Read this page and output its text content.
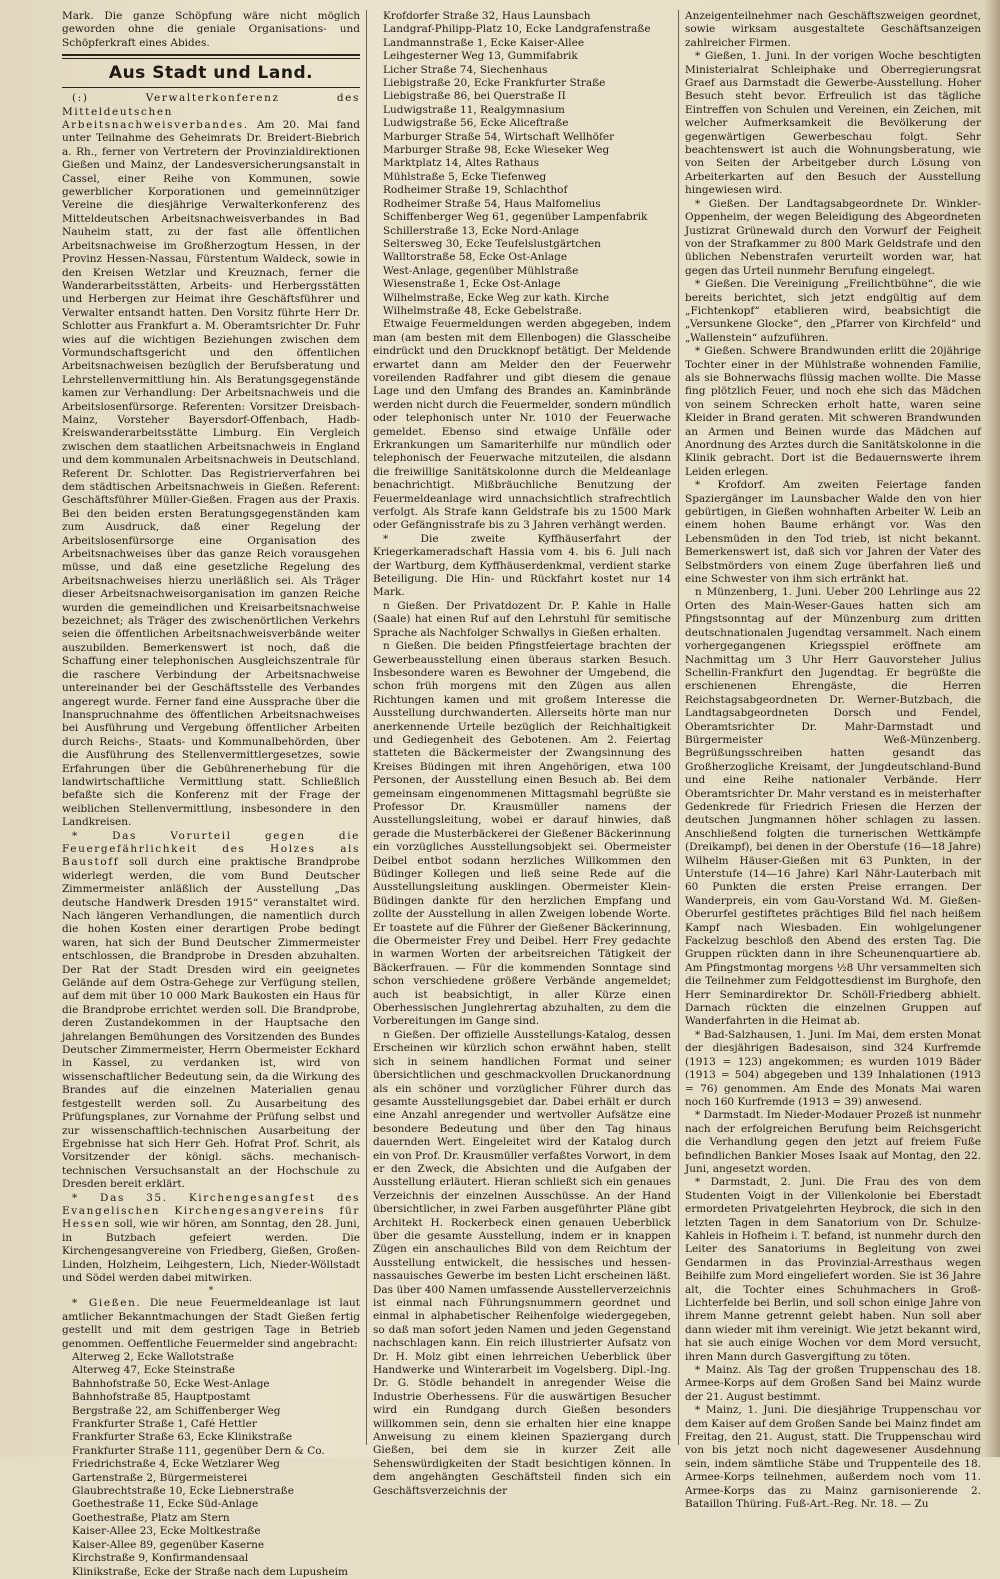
Mark. Die ganze Schöpfung wäre nicht möglich geworden ohne die geniale Organisations- und Schöpferkraft eines Abides.

Aus Stadt und Land.

(:) Verwalterkonferenz des Mitteldeutschen Arbeitsnachweisverbandes. Am 20. Mai fand unter Teilnahme des Geheimrats Dr. Breidert-Biebrich a. Rh., ferner von Vertretern der Provinzialdirektionen Gießen und Mainz, der Landesversicherungsanstalt in Cassel, einer Reihe von Kommunen, sowie gewerblicher Korporationen und gemeinnütziger Vereine die diesjährige Verwalterkonferenz des Mitteldeutschen Arbeitsnachweisverbandes in Bad Nauheim statt, zu der fast alle öffentlichen Arbeitsnachweise im Großherzogtum Hessen, in der Provinz Hessen-Nassau, Fürstentum Waldeck, sowie in den Kreisen Wetzlar und Kreuznach, ferner die Wanderarbeitsstätten, Arbeits- und Herbergsstätten und Herbergen zur Heimat ihre Geschäftsführer und Verwalter entsandt hatten. Den Vorsitz führte Herr Dr. Schlotter aus Frankfurt a. M. Oberamtsrichter Dr. Fuhr wies auf die wichtigen Beziehungen zwischen dem Vormundschaftsgericht und den öffentlichen Arbeitsnachweisen bezüglich der Berufsberatung und Lehrstellenvermittlung hin. Als Beratungsgegenstände kamen zur Verhandlung: Der Arbeitsnachweis und die Arbeitslosenfürsorge. Referenten: Vorsitzer Dreisbach-Mainz, Vorsteher Bayersdorf-Offenbach, Hadb-Kreiswanderarbeitsstätte Limburg. Ein Vergleich zwischen dem staatlichen Arbeitsnachweis in England und dem kommunalen Arbeitsnachweis in Deutschland. Referent Dr. Schlotter. Das Registrierverfahren bei dem städtischen Arbeitsnachweis in Gießen. Referent: Geschäftsführer Müller-Gießen. Fragen aus der Praxis. Bei den beiden ersten Beratungsgegenständen kam zum Ausdruck, daß einer Regelung der Arbeitslosenfürsorge eine Organisation des Arbeitsnachweises über das ganze Reich vorausgehen müsse, und daß eine gesetzliche Regelung des Arbeitsnachweises hierzu unerläßlich sei. Als Träger dieser Arbeitsnachweisorganisation im ganzen Reiche wurden die gemeindlichen und Kreisarbeitsnachweise bezeichnet; als Träger des zwischenörtlichen Verkehrs seien die öffentlichen Arbeitsnachweisverbände weiter auszubilden. Bemerkenswert ist noch, daß die Schaffung einer telephonischen Ausgleichszentrale für die raschere Verbindung der Arbeitsnachweise untereinander bei der Geschäftsstelle des Verbandes angeregt wurde. Ferner fand eine Aussprache über die Inanspruchnahme des öffentlichen Arbeitsnachweises bei Ausführung und Vergebung öffentlicher Arbeiten durch Reichs-, Staats- und Kommunalbehörden, über die Ausführung des Stellenvermittlergesetzes, sowie Erfahrungen über die Gebührenerhebung für die landwirtschaftliche Vermittlung statt. Schließlich befaßte sich die Konferenz mit der Frage der weiblichen Stellenvermittlung, insbesondere in den Landkreisen.

* Das Vorurteil gegen die Feuergefährlichkeit des Holzes als Baustoff soll durch eine praktische Brandprobe widerlegt werden, die vom Bund Deutscher Zimmermeister anläßlich der Ausstellung „Das deutsche Handwerk Dresden 1915“ veranstaltet wird. Nach längeren Verhandlungen, die namentlich durch die hohen Kosten einer derartigen Probe bedingt waren, hat sich der Bund Deutscher Zimmermeister entschlossen, die Brandprobe in Dresden abzuhalten. Der Rat der Stadt Dresden wird ein geeignetes Gelände auf dem Ostra-Gehege zur Verfügung stellen, auf dem mit über 10 000 Mark Baukosten ein Haus für die Brandprobe errichtet werden soll. Die Brandprobe, deren Zustandekommen in der Hauptsache den jahrelangen Bemühungen des Vorsitzenden des Bundes Deutscher Zimmermeister, Herrn Obermeister Eckhard in Kassel, zu verdanken ist, wird von wissenschaftlicher Bedeutung sein, da die Wirkung des Brandes auf die einzelnen Materialien genau festgestellt werden soll. Zu Ausarbeitung des Prüfungsplanes, zur Vornahme der Prüfung selbst und zur wissenschaftlich-technischen Ausarbeitung der Ergebnisse hat sich Herr Geh. Hofrat Prof. Schrit, als Vorsitzender der königl. sächs. mechanisch-technischen Versuchsanstalt an der Hochschule zu Dresden bereit erklärt.

* Das 35. Kirchengesangfest des Evangelischen Kirchengesangvereins für Hessen soll, wie wir hören, am Sonntag, den 28. Juni, in Butzbach gefeiert werden. Die Kirchengesangvereine von Friedberg, Gießen, Großen-Linden, Holzheim, Leihgestern, Lich, Nieder-Wöllstadt und Södel werden dabei mitwirken.

*

* Gießen. Die neue Feuermeldeanlage ist laut amtlicher Bekanntmachungen der Stadt Gießen fertig gestellt und mit dem gestrigen Tage in Betrieb genommen. Oeffentliche Feuermelder sind angebracht:

Alterweg 2, Ecke Wallotstraße
Alterweg 47, Ecke Steinstraße
Bahnhofstraße 50, Ecke West-Anlage
Bahnhofstraße 85, Hauptpostamt
Bergstraße 22, am Schiffenberger Weg
Frankfurter Straße 1, Café Hettler
Frankfurter Straße 63, Ecke Klinikstraße
Frankfurter Straße 111, gegenüber Dern & Co.
Friedrichstraße 4, Ecke Wetzlarer Weg
Gartenstraße 2, Bürgermeisterei
Glaubrechtstraße 10, Ecke Liebnerstraße
Goethestraße 11, Ecke Süd-Anlage
Goethestraße, Platz am Stern
Kaiser-Allee 23, Ecke Moltkestraße
Kaiser-Allee 89, gegenüber Kaserne
Kirchstraße 9, Konfirmandensaal
Klinikstraße, Ecke der Straße nach dem Lupusheim
Krofdorfer Straße 32, Haus Launsbach
Landgraf-Philipp-Platz 10, Ecke Landgrafenstraße
Landmannstraße 1, Ecke Kaiser-Allee
Leihgesterner Weg 13, Gummifabrik
Licher Straße 74, Siechenhaus
Liebigstraße 20, Ecke Frankfurter Straße
Liebigstraße 86, bei Querstraße II
Ludwigstraße 11, Realgymnasium
Ludwigstraße 56, Ecke Aliceftraße
Marburger Straße 54, Wirtschaft Wellhöfer
Marburger Straße 98, Ecke Wieseker Weg
Marktplatz 14, Altes Rathaus
Mühlstraße 5, Ecke Tiefenweg
Rodheimer Straße 19, Schlachthof
Rodheimer Straße 54, Haus Malfomelius
Schiffenberger Weg 61, gegenüber Lampenfabrik
Schillerstraße 13, Ecke Nord-Anlage
Seltersweg 30, Ecke Teufelslustgärtchen
Walltorstraße 58, Ecke Ost-Anlage
West-Anlage, gegenüber Mühlstraße
Wiesenstraße 1, Ecke Ost-Anlage
Wilhelmstraße, Ecke Weg zur kath. Kirche
Wilhelmstraße 48, Ecke Gebelstraße.

Etwaige Feuermeldungen werden abgegeben, indem man (am besten mit dem Ellenbogen) die Glasscheibe eindrückt und den Druckknopf betätigt. Der Meldende erwartet dann am Melder den der Feuerwehr voreilenden Radfahrer und gibt diesem die genaue Lage und den Umfang des Brandes an. Kaminbrände werden nicht durch die Feuermelder, sondern mündlich oder telephonisch unter Nr. 1010 der Feuerwache gemeldet. Ebenso sind etwaige Unfälle oder Erkrankungen um Samariterhilfe nur mündlich oder telephonisch der Feuerwache mitzuteilen, die alsdann die freiwillige Sanitätskolonne durch die Meldeanlage benachrichtigt. Mißbräuchliche Benutzung der Feuermeldeanlage wird unnachsichtlich strafrechtlich verfolgt. Als Strafe kann Geldstrafe bis zu 1500 Mark oder Gefängnisstrafe bis zu 3 Jahren verhängt werden.

* Die zweite Kyffhäuserfahrt der Kriegerkameradschaft Hassia vom 4. bis 6. Juli nach der Wartburg, dem Kyffhäuserdenkmal, verdient starke Beteiligung. Die Hin- und Rückfahrt kostet nur 14 Mark.

n Gießen. Der Privatdozent Dr. P. Kahle in Halle (Saale) hat einen Ruf auf den Lehrstuhl für semitische Sprache als Nachfolger Schwallys in Gießen erhalten.

n Gießen. Die beiden Pfingstfeiertage brachten der Gewerbeausstellung einen überaus starken Besuch. Insbesondere waren es Bewohner der Umgebend, die schon früh morgens mit den Zügen aus allen Richtungen kamen und mit großem Interesse die Ausstellung durchwanderten. Allerseits hörte man nur anerkennende Urteile bezüglich der Reichhaltigkeit und Gediegenheit des Gebotenen. Am 2. Feiertag statteten die Bäckermeister der Zwangsinnung des Kreises Büdingen mit ihren Angehörigen, etwa 100 Personen, der Ausstellung einen Besuch ab. Bei dem gemeinsam eingenommenen Mittagsmahl begrüßte sie Professor Dr. Krausmüller namens der Ausstellungsleitung, wobei er darauf hinwies, daß gerade die Musterbäckerei der Gießener Bäckerinnung ein vorzügliches Ausstellungsobjekt sei. Obermeister Deibel entbot sodann herzliches Willkommen den Büdinger Kollegen und ließ seine Rede auf die Ausstellungsleitung ausklingen. Obermeister Klein-Büdingen dankte für den herzlichen Empfang und zollte der Ausstellung in allen Zweigen lobende Worte. Er toastete auf die Führer der Gießener Bäckerinnung, die Obermeister Frey und Deibel. Herr Frey gedachte in warmen Worten der arbeitsreichen Tätigkeit der Bäckerfrauen. — Für die kommenden Sonntage sind schon verschiedene größere Verbände angemeldet; auch ist beabsichtigt, in aller Kürze einen Oberhessischen Junglehrertag abzuhalten, zu dem die Vorbereitungen im Gange sind.

n Gießen. Der offizielle Ausstellungs-Katalog, dessen Erscheinen wir kürzlich schon erwähnt haben, stellt sich in seinem handlichen Format und seiner übersichtlichen und geschmackvollen Druckanordnung als ein schöner und vorzüglicher Führer durch das gesamte Ausstellungsgebiet dar. Dabei erhält er durch eine Anzahl anregender und wertvoller Aufsätze eine besondere Bedeutung und über den Tag hinaus dauernden Wert. Eingeleitet wird der Katalog durch ein von Prof. Dr. Krausmüller verfaßtes Vorwort, in dem er den Zweck, die Absichten und die Aufgaben der Ausstellung erläutert. Hieran schließt sich ein genaues Verzeichnis der einzelnen Ausschüsse. An der Hand übersichtlicher, in zwei Farben ausgeführter Pläne gibt Architekt H. Rockerbeck einen genauen Ueberblick über die gesamte Ausstellung, indem er in knappen Zügen ein anschauliches Bild von dem Reichtum der Ausstellung entwickelt, die hessisches und hessen-nassauisches Gewerbe im besten Licht erscheinen läßt. Das über 400 Namen umfassende Ausstellerverzeichnis ist einmal nach Führungsnummern geordnet und einmal in alphabetischer Reihenfolge wiedergegeben, so daß man sofort jeden Namen und jeden Gegenstand nachschlagen kann. Ein reich illustrierter Aufsatz von Dr. H. Molz gibt einen lehrreichen Ueberblick über Handwerke und Winterarbeit im Vogelsberg. Dipl.-Ing. Dr. G. Stödle behandelt in anregender Weise die Industrie Oberhessens. Für die auswärtigen Besucher wird ein Rundgang durch Gießen besonders willkommen sein, denn sie erhalten hier eine knappe Anweisung zu einem kleinen Spaziergang durch Gießen, bei dem sie in kurzer Zeit alle Sehenswürdigkeiten der Stadt besichtigen können. In dem angehängten Geschäftsteil finden sich ein Geschäftsverzeichnis der

Anzeigenteilnehmer nach Geschäftszweigen geordnet, sowie wirksam ausgestaltete Geschäftsanzeigen zahlreicher Firmen.

* Gießen, 1. Juni. In der vorigen Woche beschtigten Ministerialrat Schleiphake und Oberregierungsrat Graef aus Darmstadt die Gewerbe-Ausstellung. Hoher Besuch steht bevor. Erfreulich ist das tägliche Eintreffen von Schulen und Vereinen, ein Zeichen, mit welcher Aufmerksamkeit die Bevölkerung der gegenwärtigen Gewerbeschau folgt. Sehr beachtenswert ist auch die Wohnungsberatung, wie von Seiten der Arbeitgeber durch Lösung von Arbeiterkarten auf den Besuch der Ausstellung hingewiesen wird.

* Gießen. Der Landtagsabgeordnete Dr. Winkler-Oppenheim, der wegen Beleidigung des Abgeordneten Justizrat Grünewald durch den Vorwurf der Feigheit von der Strafkammer zu 800 Mark Geldstrafe und den üblichen Nebenstrafen verurteilt worden war, hat gegen das Urteil nunmehr Berufung eingelegt.

* Gießen. Die Vereinigung „Freilichtbühne“, die wie bereits berichtet, sich jetzt endgültig auf dem „Fichtenkopf“ etablieren wird, beabsichtigt die „Versunkene Glocke“, den „Pfarrer von Kirchfeld“ und „Wallenstein“ aufzuführen.

* Gießen. Schwere Brandwunden erlitt die 20jährige Tochter einer in der Mühlstraße wohnenden Familie, als sie Bohnerwachs flüssig machen wollte. Die Masse fing plötzlich Feuer, und noch ehe sich das Mädchen von seinem Schrecken erholt hatte, waren seine Kleider in Brand geraten. Mit schweren Brandwunden an Armen und Beinen wurde das Mädchen auf Anordnung des Arztes durch die Sanitätskolonne in die Klinik gebracht. Dort ist die Bedauernswerte ihrem Leiden erlegen.

* Krofdorf. Am zweiten Feiertage fanden Spaziergänger im Launsbacher Walde den von hier gebürtigen, in Gießen wohnhaften Arbeiter W. Leib an einem hohen Baume erhängt vor. Was den Lebensmüden in den Tod trieb, ist nicht bekannt. Bemerkenswert ist, daß sich vor Jahren der Vater des Selbstmörders von einem Zuge überfahren ließ und eine Schwester von ihm sich ertränkt hat.

n Münzenberg, 1. Juni. Ueber 200 Lehrlinge aus 22 Orten des Main-Weser-Gaues hatten sich am Pfingstsonntag auf der Münzenburg zum dritten deutschnationalen Jugendtag versammelt. Nach einem vorhergegangenen Kriegsspiel eröffnete am Nachmittag um 3 Uhr Herr Gauvorsteher Julius Schellin-Frankfurt den Jugendtag. Er begrüßte die erschienenen Ehrengäste, die Herren Reichstagsabgeordneten Dr. Werner-Butzbach, die Landtagsabgeordneten Dorsch und Fendel, Oberamtsrichter Dr. Mahr-Darmstadt und Bürgermeister Weß-Münzenberg. Begrüßungsschreiben hatten gesandt das Großherzogliche Kreisamt, der Jungdeutschland-Bund und eine Reihe nationaler Verbände. Herr Oberamtsrichter Dr. Mahr verstand es in meisterhafter Gedenkrede für Friedrich Friesen die Herzen der deutschen Jungmannen höher schlagen zu lassen. Anschließend folgten die turnerischen Wettkämpfe (Dreikampf), bei denen in der Oberstufe (16—18 Jahre) Wilhelm Häuser-Gießen mit 63 Punkten, in der Unterstufe (14—16 Jahre) Karl Nähr-Lauterbach mit 60 Punkten die ersten Preise errangen. Der Wanderpreis, ein vom Gau-Vorstand Wd. M. Gießen-Oberurfel gestiftetes prächtiges Bild fiel nach heißem Kampf nach Wiesbaden. Ein wohlgelungener Fackelzug beschloß den Abend des ersten Tag. Die Gruppen rückten dann in ihre Scheunenquartiere ab. Am Pfingstmontag morgens ½8 Uhr versammelten sich die Teilnehmer zum Feldgottesdienst im Burghofe, den Herr Seminardirektor Dr. Schöll-Friedberg abhielt. Darnach rückten die einzelnen Gruppen auf Wanderfahrten in die Heimat ab.

* Bad-Salzhausen, 1. Juni. Im Mai, dem ersten Monat der diesjährigen Badesaison, sind 324 Kurfremde (1913 = 123) angekommen; es wurden 1019 Bäder (1913 = 504) abgegeben und 139 Inhalationen (1913 = 76) genommen. Am Ende des Monats Mai waren noch 160 Kurfremde (1913 = 39) anwesend.

* Darmstadt. Im Nieder-Modauer Prozeß ist nunmehr nach der erfolgreichen Berufung beim Reichsgericht die Verhandlung gegen den jetzt auf freiem Fuße befindlichen Bankier Moses Isaak auf Montag, den 22. Juni, angesetzt worden.

* Darmstadt, 2. Juni. Die Frau des von dem Studenten Voigt in der Villenkolonie bei Eberstadt ermordeten Privatgelehrten Heybrock, die sich in den letzten Tagen in dem Sanatorium von Dr. Schulze-Kahleis in Hofheim i. T. befand, ist nunmehr durch den Leiter des Sanatoriums in Begleitung von zwei Gendarmen in das Provinzial-Arresthaus wegen Beihilfe zum Mord eingeliefert worden. Sie ist 36 Jahre alt, die Tochter eines Schuhmachers in Groß-Lichterfelde bei Berlin, und soll schon einige Jahre von ihrem Manne getrennt gelebt haben. Nun soll aber dann wieder mit ihm vereinigt. Wie jetzt bekannt wird, hat sie auch einige Wochen vor dem Mord versucht, ihren Mann durch Gasvergiftung zu töten.

* Mainz. Als Tag der großen Truppenschau des 18. Armee-Korps auf dem Großen Sand bei Mainz wurde der 21. August bestimmt.

* Mainz, 1. Juni. Die diesjährige Truppenschau vor dem Kaiser auf dem Großen Sande bei Mainz findet am Freitag, den 21. August, statt. Die Truppenschau wird von bis jetzt noch nicht dagewesener Ausdehnung sein, indem sämtliche Stäbe und Truppenteile des 18. Armee-Korps teilnehmen, außerdem noch vom 11. Armee-Korps das zu Mainz garnisonierende 2. Bataillon Thüring. Fuß-Art.-Reg. Nr. 18. — Zu
